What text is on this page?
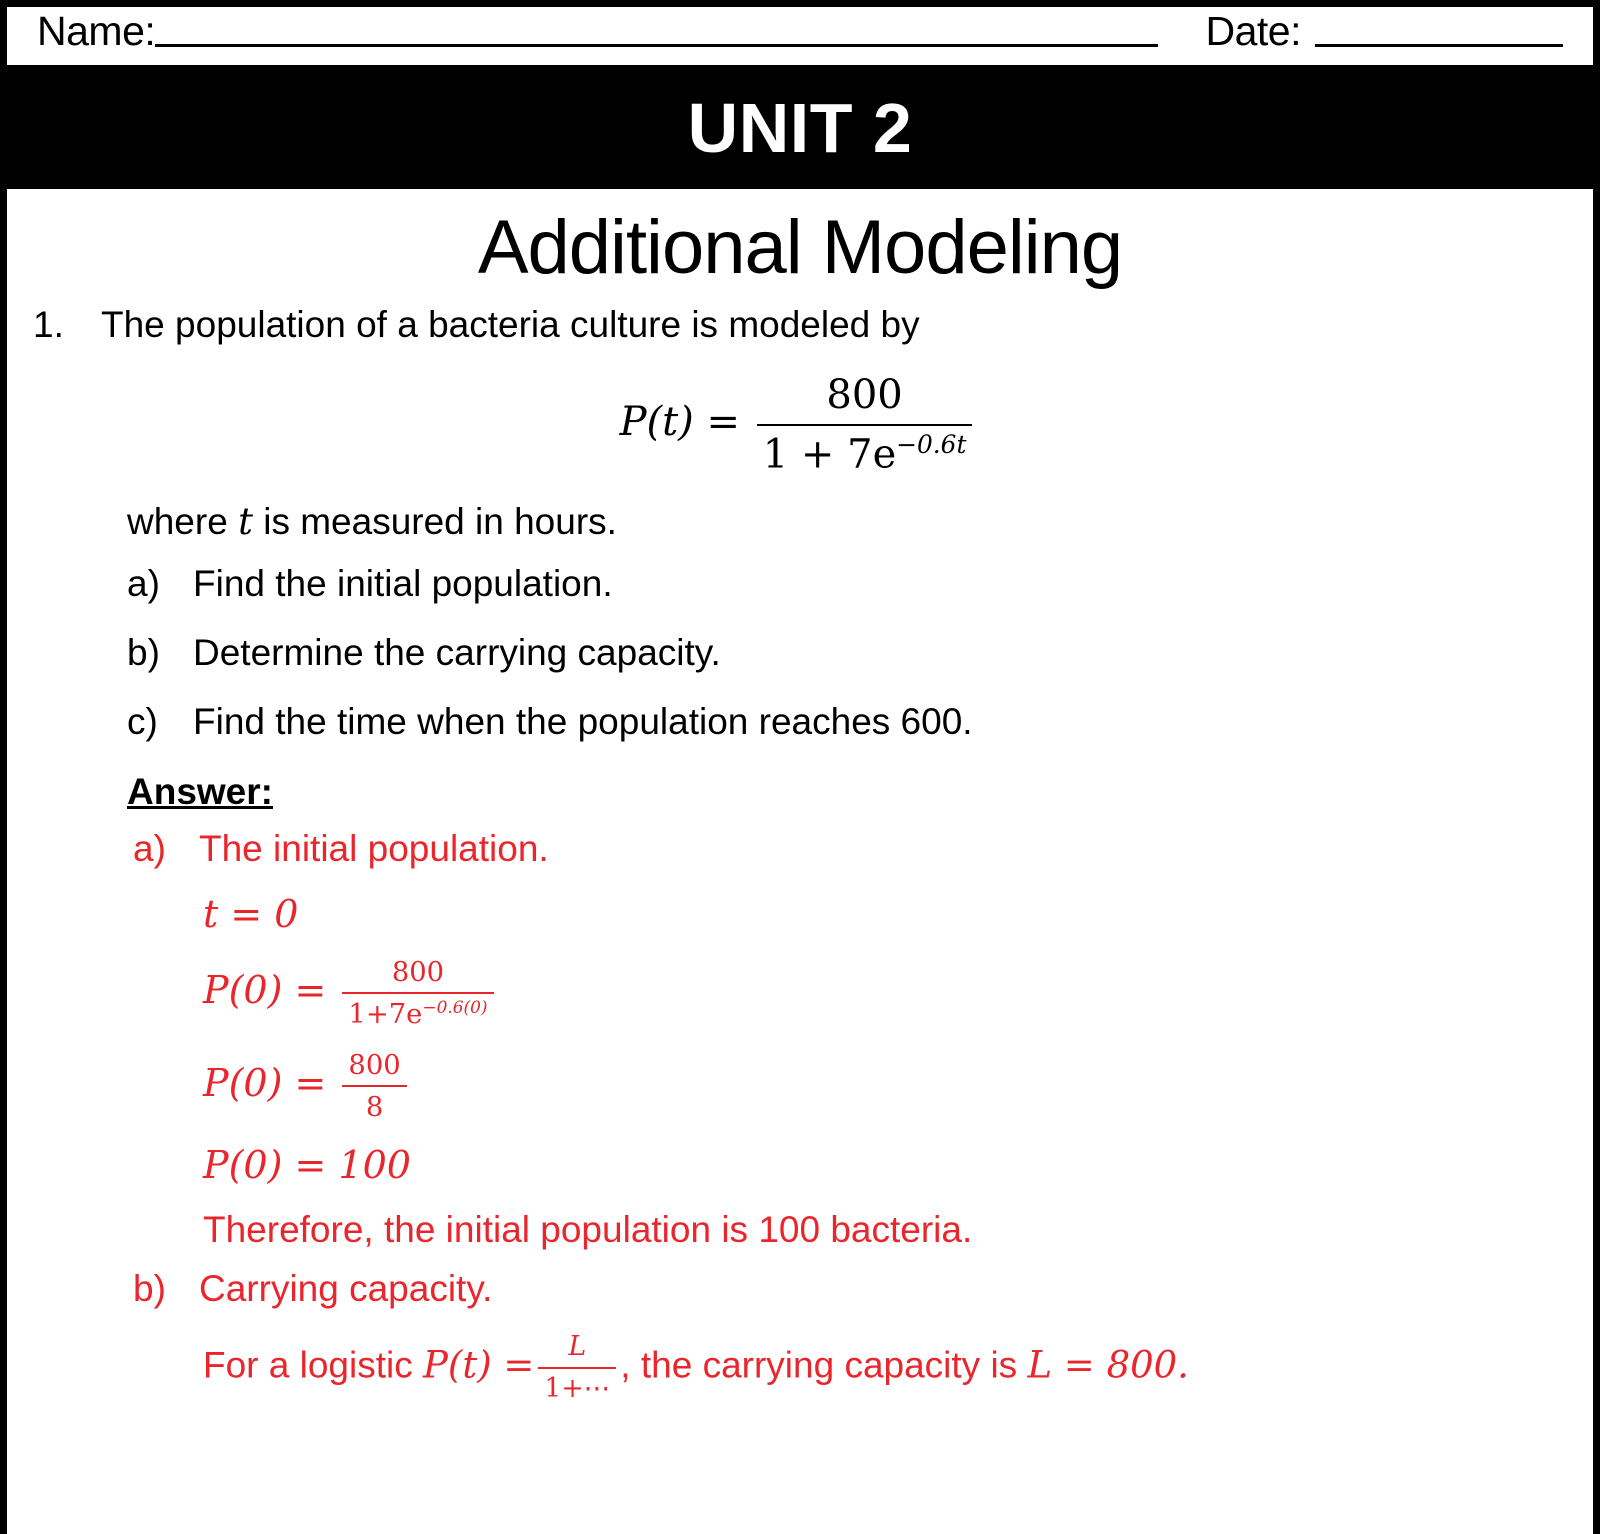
Name:	Date:
UNIT 2
Additional Modeling
1.	The population of a bacteria culture is modeled by
$P(t) = \frac{800}{1 + 7e^{-0.6t}}$
where t is measured in hours.
a) Find the initial population.
b) Determine the carrying capacity.
c) Find the time when the population reaches 600.
Answer:
a) The initial population.
t = 0
$P(0) = \frac{800}{1+7e^{-0.6(0)}}$
$P(0) = \frac{800}{8}$
P(0) = 100
Therefore, the initial population is 100 bacteria.
b) Carrying capacity.
For a logistic $P(t) = \frac{L}{1+\cdots}$ , the carrying capacity is L = 800.
